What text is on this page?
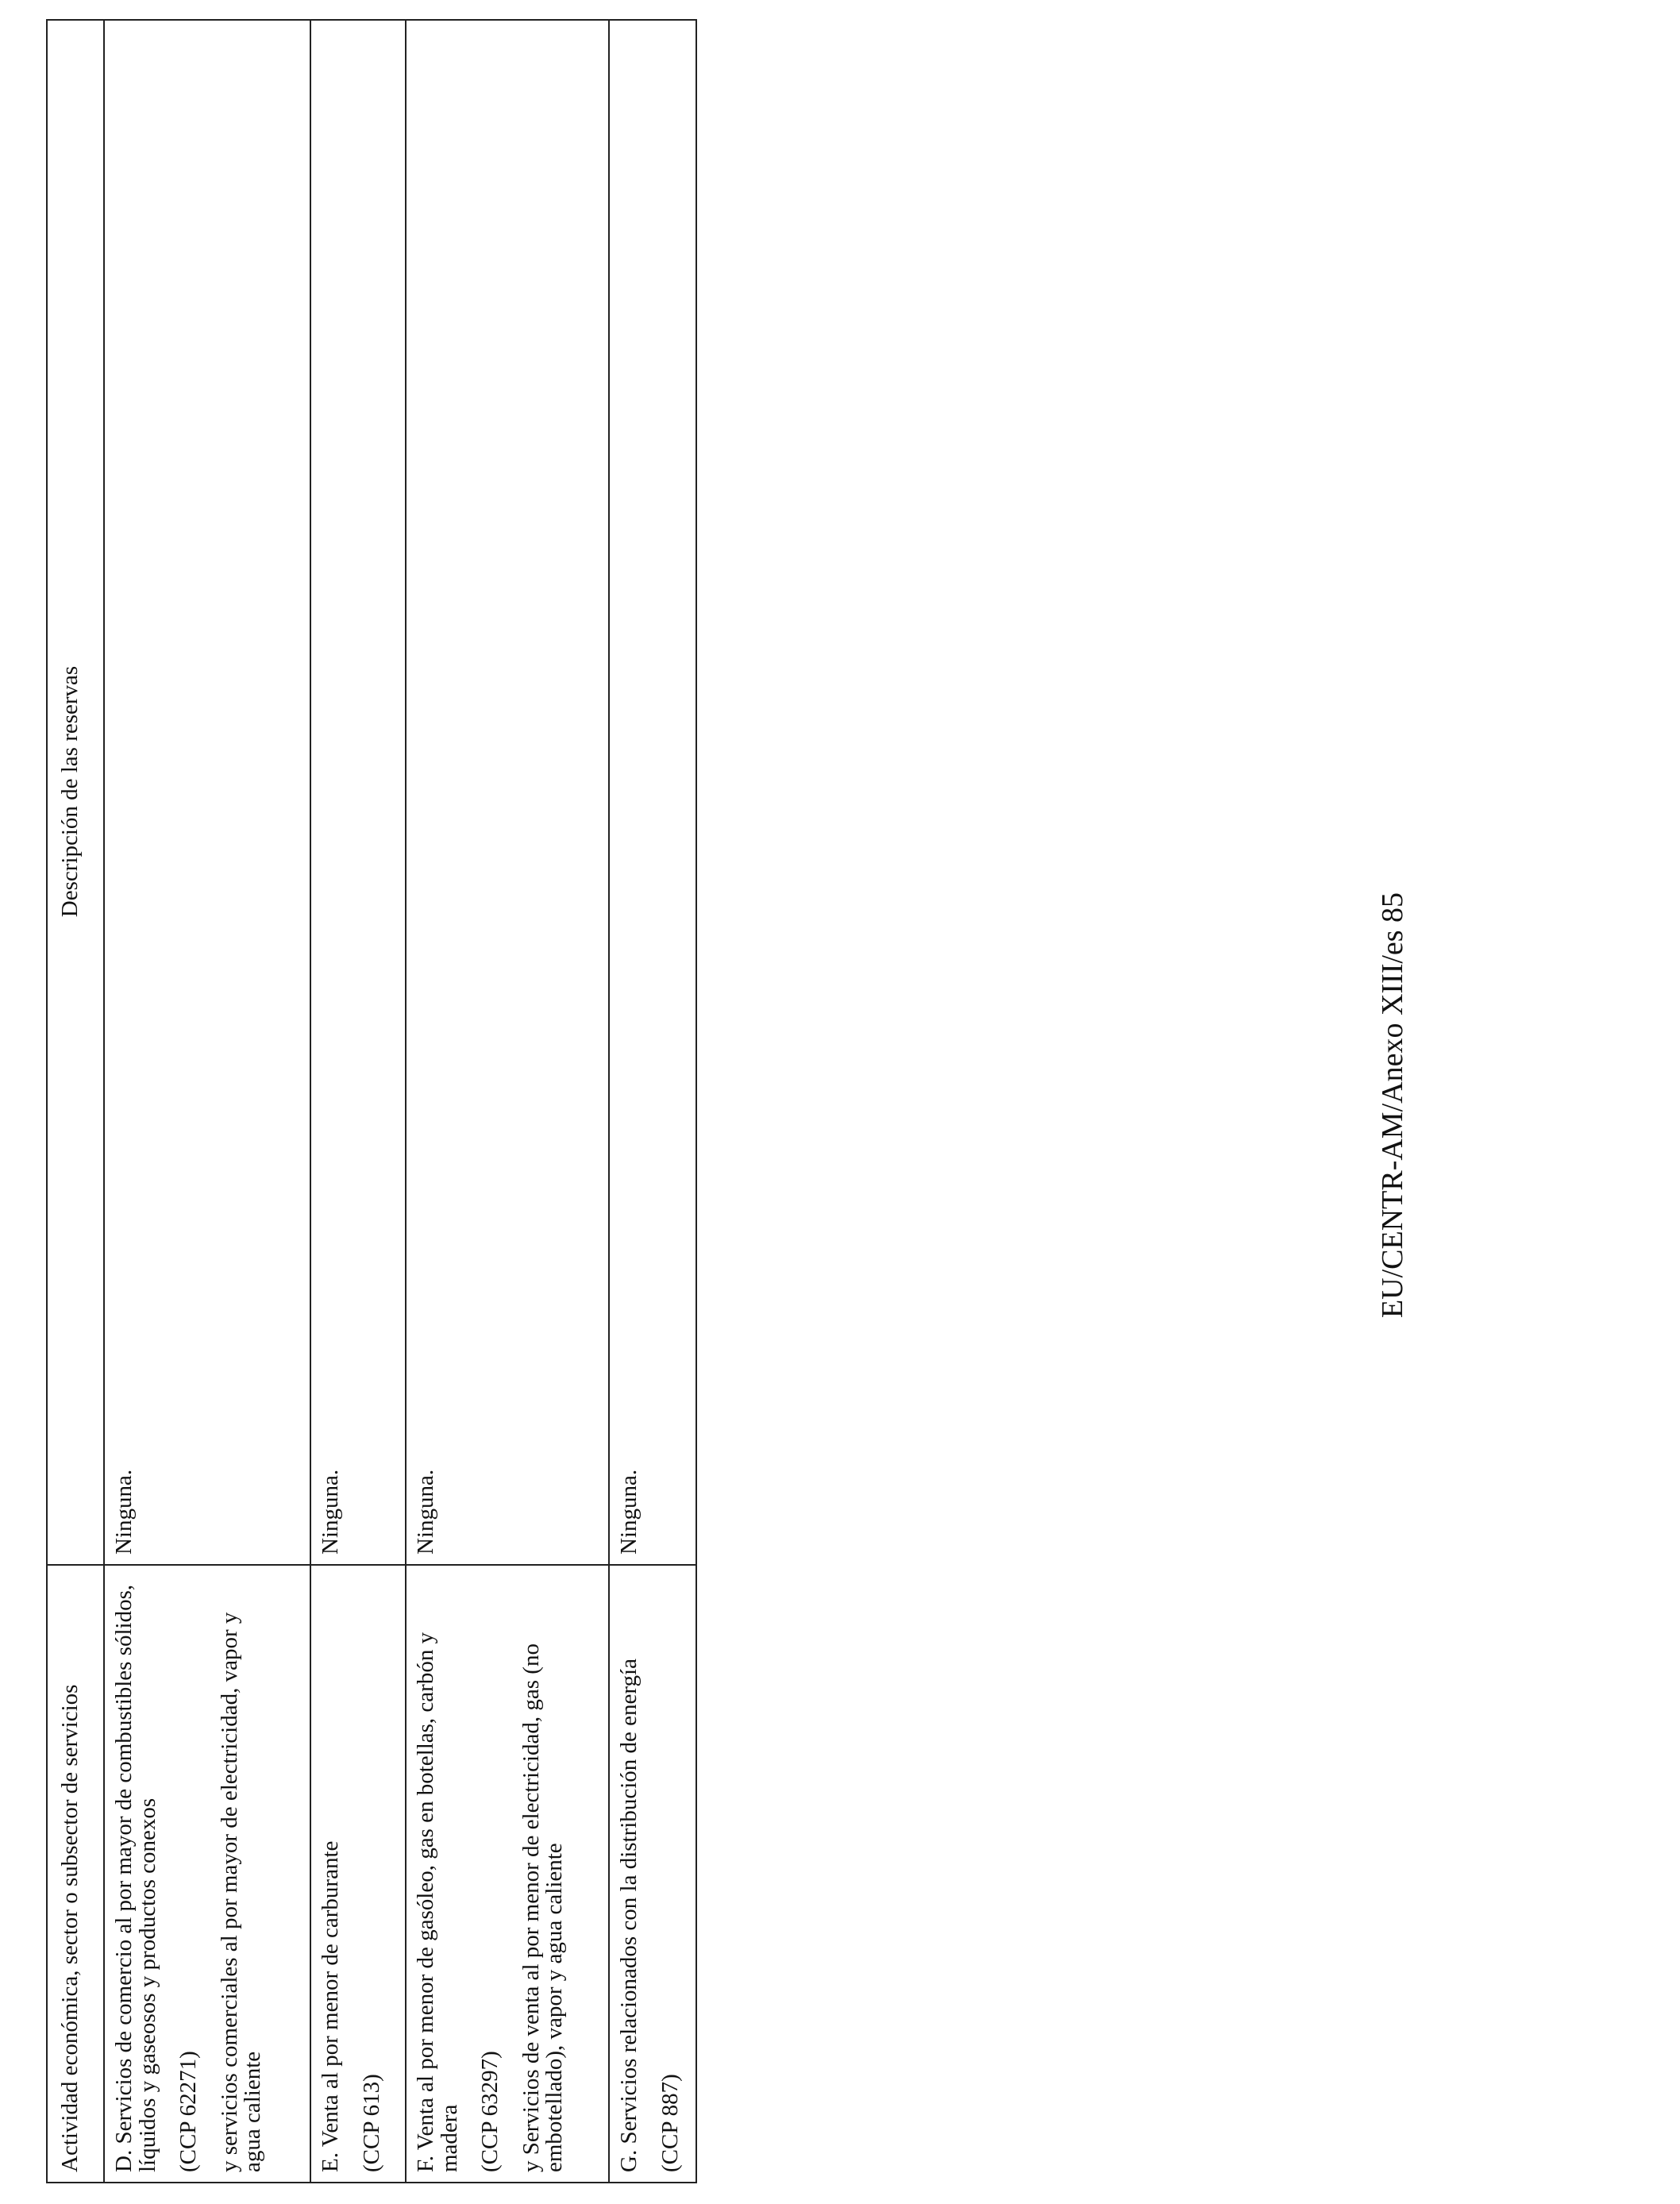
Actividad económica, sector o subsector de servicios	Descripción de las reservas

D. Servicios de comercio al por mayor de combustibles sólidos, líquidos y gaseosos y productos conexos (CCP 62271) y servicios comerciales al por mayor de electricidad, vapor y agua caliente	Ninguna.

E. Venta al por menor de carburante (CCP 613)	Ninguna.

F. Venta al por menor de gasóleo, gas en botellas, carbón y madera (CCP 63297) y Servicios de venta al por menor de electricidad, gas (no embotellado), vapor y agua caliente	Ninguna.

G. Servicios relacionados con la distribución de energía (CCP 887)	Ninguna.
EU/CENTR-AM/Anexo XIII/es 85
